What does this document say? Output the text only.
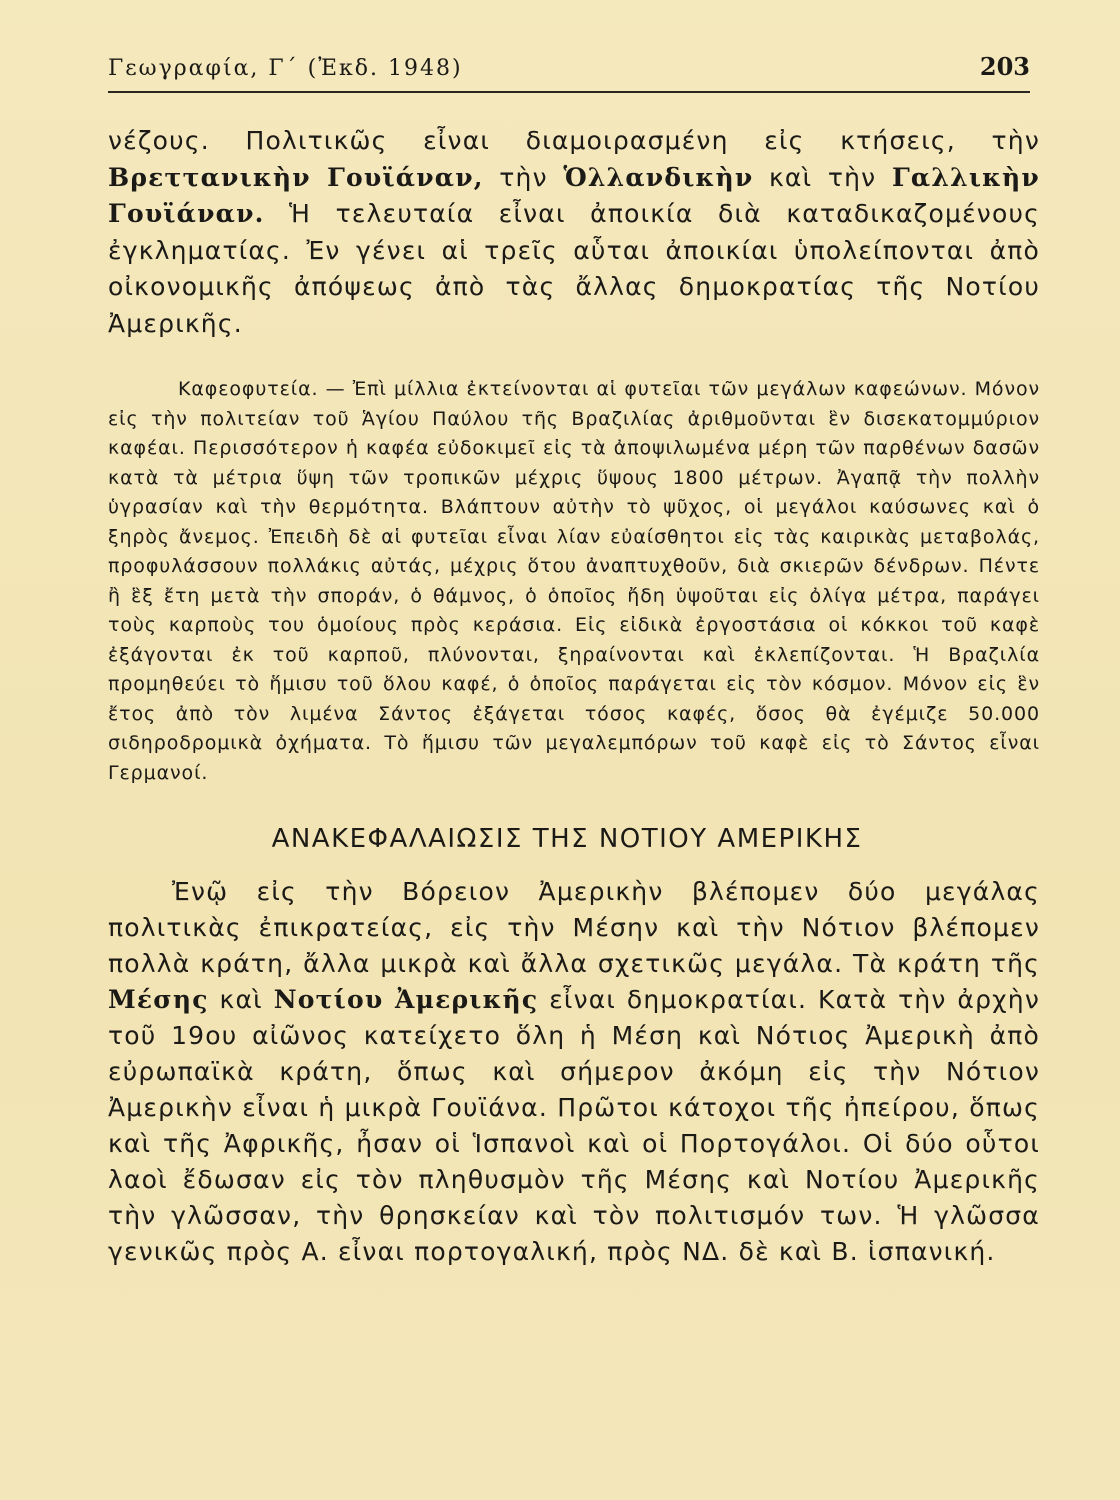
Γεωγραφία, Γ΄ (Ἐκδ. 1948)	203
νέζους. Πολιτικῶς εἶναι διαμοιρασμένη εἰς κτήσεις, τὴν Βρεττανικὴν Γουϊάναν, τὴν Ὁλλανδικὴν καὶ τὴν Γαλλικὴν Γουϊάναν. Ἡ τελευταία εἶναι ἀποικία διὰ καταδικαζομένους ἐγκληματίας. Ἐν γένει αἱ τρεῖς αὗται ἀποικίαι ὑπολείπονται ἀπὸ οἰκονομικῆς ἀπόψεως ἀπὸ τὰς ἄλλας δημοκρατίας τῆς Νοτίου Ἀμερικῆς.
Καφεοφυτεία. — Ἐπὶ μίλλια ἐκτείνονται αἱ φυτεῖαι τῶν μεγάλων καφεώνων. Μόνον εἰς τὴν πολιτείαν τοῦ Ἁγίου Παύλου τῆς Βραζιλίας ἀριθμοῦνται ἓν δισεκατομμύριον καφέαι. Περισσότερον ἡ καφέα εὐδοκιμεῖ εἰς τὰ ἀποψιλωμένα μέρη τῶν παρθένων δασῶν κατὰ τὰ μέτρια ὕψη τῶν τροπικῶν μέχρις ὕψους 1800 μέτρων. Ἀγαπᾷ τὴν πολλὴν ὑγρασίαν καὶ τὴν θερμότητα. Βλάπτουν αὐτὴν τὸ ψῦχος, οἱ μεγάλοι καύσωνες καὶ ὁ ξηρὸς ἄνεμος. Ἐπειδὴ δὲ αἱ φυτεῖαι εἶναι λίαν εὐαίσθητοι εἰς τὰς καιρικὰς μεταβολάς, προφυλάσσουν πολλάκις αὐτάς, μέχρις ὅτου ἀναπτυχθοῦν, διὰ σκιερῶν δένδρων. Πέντε ἢ ἓξ ἔτη μετὰ τὴν σποράν, ὁ θάμνος, ὁ ὁποῖος ἤδη ὑψοῦται εἰς ὀλίγα μέτρα, παράγει τοὺς καρποὺς του ὁμοίους πρὸς κεράσια. Εἰς εἰδικὰ ἐργοστάσια οἱ κόκκοι τοῦ καφὲ ἐξάγονται ἐκ τοῦ καρποῦ, πλύνονται, ξηραίνονται καὶ ἐκλεπίζονται. Ἡ Βραζιλία προμηθεύει τὸ ἥμισυ τοῦ ὅλου καφέ, ὁ ὁποῖος παράγεται εἰς τὸν κόσμον. Μόνον εἰς ἓν ἔτος ἀπὸ τὸν λιμένα Σάντος ἐξάγεται τόσος καφές, ὅσος θὰ ἐγέμιζε 50.000 σιδηροδρομικὰ ὀχήματα. Τὸ ἥμισυ τῶν μεγαλεμπόρων τοῦ καφὲ εἰς τὸ Σάντος εἶναι Γερμανοί.
ΑΝΑΚΕΦΑΛΑΙΩΣΙΣ ΤΗΣ ΝΟΤΙΟΥ ΑΜΕΡΙΚΗΣ
Ἐνῷ εἰς τὴν Βόρειον Ἀμερικὴν βλέπομεν δύο μεγάλας πολιτικὰς ἐπικρατείας, εἰς τὴν Μέσην καὶ τὴν Νότιον βλέπομεν πολλὰ κράτη, ἄλλα μικρὰ καὶ ἄλλα σχετικῶς μεγάλα. Τὰ κράτη τῆς Μέσης καὶ Νοτίου Ἀμερικῆς εἶναι δημοκρατίαι. Κατὰ τὴν ἀρχὴν τοῦ 19ου αἰῶνος κατείχετο ὅλη ἡ Μέση καὶ Νότιος Ἀμερικὴ ἀπὸ εὐρωπαϊκὰ κράτη, ὅπως καὶ σήμερον ἀκόμη εἰς τὴν Νότιον Ἀμερικὴν εἶναι ἡ μικρὰ Γουϊάνα. Πρῶτοι κάτοχοι τῆς ἠπείρου, ὅπως καὶ τῆς Ἀφρικῆς, ἦσαν οἱ Ἱσπανοὶ καὶ οἱ Πορτογάλοι. Οἱ δύο οὗτοι λαοὶ ἔδωσαν εἰς τὸν πληθυσμὸν τῆς Μέσης καὶ Νοτίου Ἀμερικῆς τὴν γλῶσσαν, τὴν θρησκείαν καὶ τὸν πολιτισμόν των. Ἡ γλῶσσα γενικῶς πρὸς Α. εἶναι πορτογαλική, πρὸς ΝΔ. δὲ καὶ Β. ἱσπανική.
